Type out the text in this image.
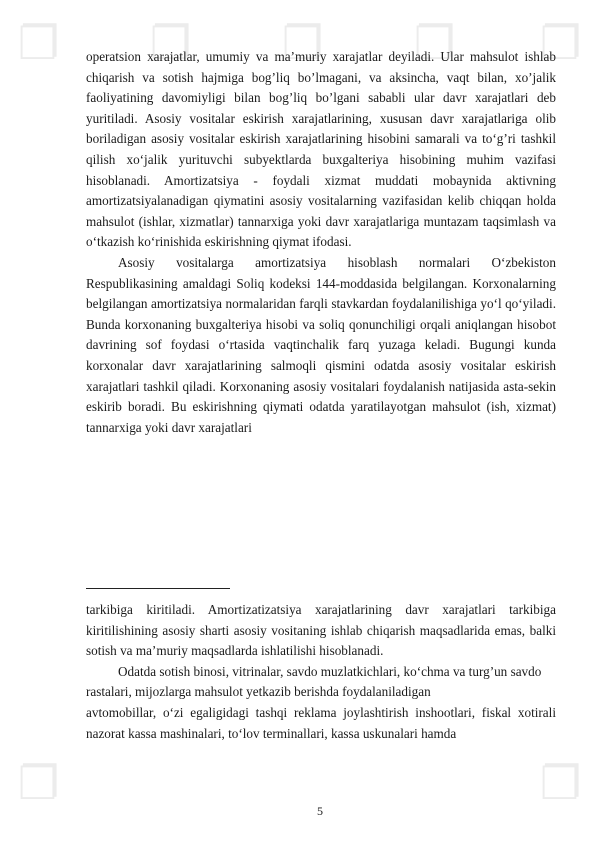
❐ ❐ ❐ ❐ ❐
❐	❐

operatsion xarajatlar, umumiy va ma’muriy xarajatlar deyiladi. Ular mahsulot ishlab chiqarish va sotish hajmiga bog’liq bo’lmagani, va aksincha, vaqt bilan, xo’jalik faoliyatining davomiyligi bilan bog’liq bo’lgani sababli ular davr xarajatlari deb yuritiladi. Asosiy vositalar eskirish xarajatlarining, xususan davr xarajatlariga olib boriladigan asosiy vositalar eskirish xarajatlarining hisobini samarali va to‘g’ri tashkil qilish xo‘jalik yurituvchi subyektlarda buxgalteriya hisobining muhim vazifasi hisoblanadi. Amortizatsiya - foydali xizmat muddati mobaynida aktivning amortizatsiyalanadigan qiymatini asosiy vositalarning vazifasidan kelib chiqqan holda mahsulot (ishlar, xizmatlar) tannarxiga yoki davr xarajatlariga muntazam taqsimlash va o‘tkazish ko‘rinishida eskirishning qiymat ifodasi.

Asosiy vositalarga amortizatsiya hisoblash normalari O‘zbekiston Respublikasining amaldagi Soliq kodeksi 144-moddasida belgilangan. Korxonalarning belgilangan amortizatsiya normalaridan farqli stavkardan foydalanilishiga yo‘l qo‘yiladi. Bunda korxonaning buxgalteriya hisobi va soliq qonunchiligi orqali aniqlangan hisobot davrining sof foydasi o‘rtasida vaqtinchalik farq yuzaga keladi. Bugungi kunda korxonalar davr xarajatlarining salmoqli qismini odatda asosiy vositalar eskirish xarajatlari tashkil qiladi. Korxonaning asosiy vositalari foydalanish natijasida asta-sekin eskirib boradi. Bu eskirishning qiymati odatda yaratilayotgan mahsulot (ish, xizmat) tannarxiga yoki davr xarajatlari

tarkibiga kiritiladi. Amortizatizatsiya xarajatlarining davr xarajatlari tarkibiga kiritilishining asosiy sharti asosiy vositaning ishlab chiqarish maqsadlarida emas, balki sotish va ma’muriy maqsadlarda ishlatilishi hisoblanadi.

Odatda sotish binosi, vitrinalar, savdo muzlatkichlari, ko‘chma va turg’un savdo rastalari, mijozlarga mahsulot yetkazib berishda foydalaniladigan

avtomobillar, o‘zi egaligidagi tashqi reklama joylashtirish inshootlari, fiskal xotirali nazorat kassa mashinalari, to‘lov terminallari, kassa uskunalari hamda

5
